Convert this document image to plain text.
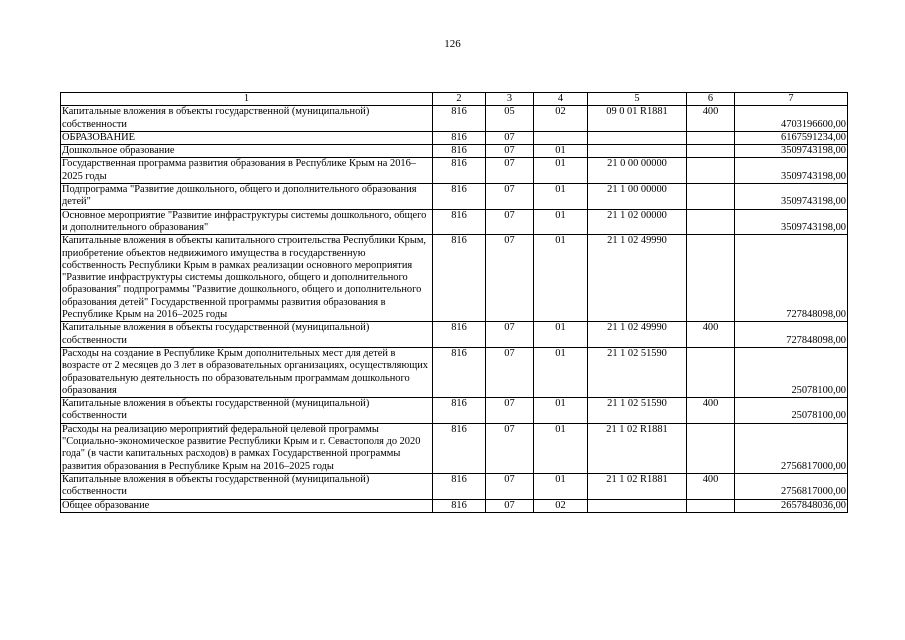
126
1	2	3	4	5	6	7
Капитальные вложения в объекты государственной (муниципальной) собственности	816	05	02	09 0 01 R1881	400	4703196600,00
ОБРАЗОВАНИЕ	816	07				6167591234,00
Дошкольное образование	816	07	01			3509743198,00
Государственная программа развития образования в Республике Крым на 2016–2025 годы	816	07	01	21 0 00 00000		3509743198,00
Подпрограмма "Развитие дошкольного, общего и дополнительного образования детей"	816	07	01	21 1 00 00000		3509743198,00
Основное мероприятие "Развитие инфраструктуры системы дошкольного, общего и дополнительного образования"	816	07	01	21 1 02 00000		3509743198,00
Капитальные вложения в объекты капитального строительства Республики Крым, приобретение объектов недвижимого имущества в государственную собственность Республики Крым в рамках реализации основного мероприятия "Развитие инфраструктуры системы дошкольного, общего и дополнительного образования" подпрограммы "Развитие дошкольного, общего и дополнительного образования детей" Государственной программы развития образования в Республике Крым на 2016–2025 годы	816	07	01	21 1 02 49990		727848098,00
Капитальные вложения в объекты государственной (муниципальной) собственности	816	07	01	21 1 02 49990	400	727848098,00
Расходы на создание в Республике Крым дополнительных мест для детей в возрасте от 2 месяцев до 3 лет в образовательных организациях, осуществляющих образовательную деятельность по образовательным программам дошкольного образования	816	07	01	21 1 02 51590		25078100,00
Капитальные вложения в объекты государственной (муниципальной) собственности	816	07	01	21 1 02 51590	400	25078100,00
Расходы на реализацию мероприятий федеральной целевой программы "Социально-экономическое развитие Республики Крым и г. Севастополя до 2020 года" (в части капитальных расходов) в рамках Государственной программы развития образования в Республике Крым на 2016–2025 годы	816	07	01	21 1 02 R1881		2756817000,00
Капитальные вложения в объекты государственной (муниципальной) собственности	816	07	01	21 1 02 R1881	400	2756817000,00
Общее образование	816	07	02			2657848036,00
